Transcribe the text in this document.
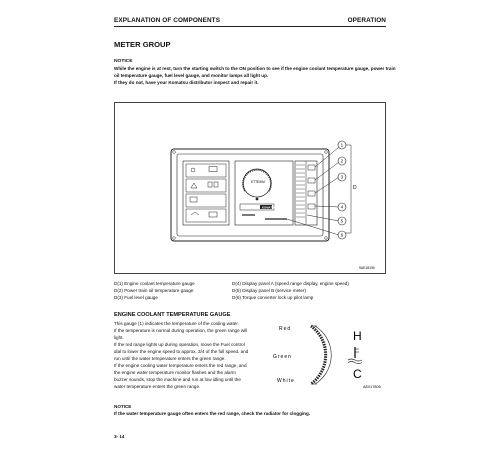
EXPLANATION OF COMPONENTS	OPERATION
METER GROUP
NOTICE
While the engine is at rest, turn the starting switch to the ON position to see if the engine coolant temperature gauge, power train
oil temperature gauge, fuel level gauge, and monitor lamps all light up.
If they do not, have your Komatsu distributor inspect and repair it.
ETTE/KM
KOMATSU
1
2
3
4
5
6
D
9AE18190
D(1) Engine coolant temperature gauge
D(2) Power train oil temperature gauge
D(3) Fuel level gauge
D(4) Display panel A (speed range display, engine speed)
D(5) Display panel B (service meter)
D(6) Torque converter lock up pilot lamp
ENGINE COOLANT TEMPERATURE GAUGE
This gauge (1) indicates the temperature of the cooling water.
If the temperature is normal during operation, the green range will
light.
If the red range lights up during operation, move the Fuel control
dial to lower the engine speed to approx. 3/4 of the full speed, and
run until the water temperature enters the green range.
If the engine cooling water temperature enters the red range, and
the engine water temperature monitor flashes and the alarm
buzzer sounds, stop the machine and run at low idling until the
water temperature enters the green range.
Red
Green
White
H
C
AE017805
NOTICE
If the water temperature gauge often enters the red range, check the radiator for clogging.
3- 14
